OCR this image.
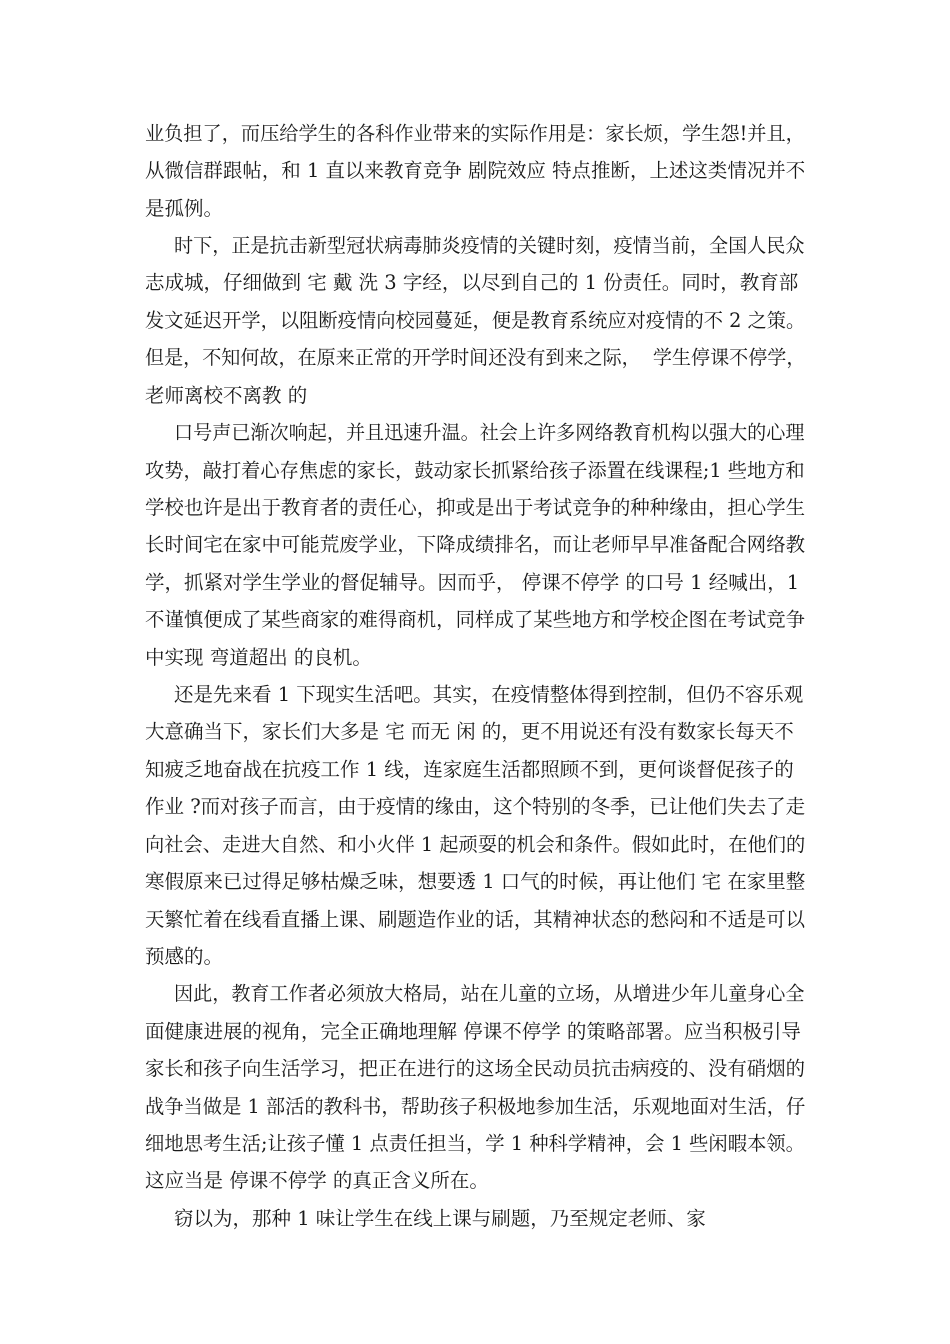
业负担了，而压给学生的各科作业带来的实际作用是：家长烦，学生怨!并且，

从微信群跟帖，和 1 直以来教育竞争 剧院效应 特点推断，上述这类情况并不

是孤例。

时下，正是抗击新型冠状病毒肺炎疫情的关键时刻，疫情当前，全国人民众

志成城，仔细做到 宅 戴 洗 3 字经，以尽到自己的 1 份责任。同时，教育部

发文延迟开学，以阻断疫情向校园蔓延，便是教育系统应对疫情的不 2 之策。

但是，不知何故，在原来正常的开学时间还没有到来之际，  学生停课不停学，

老师离校不离教 的

口号声已渐次响起，并且迅速升温。社会上许多网络教育机构以强大的心理

攻势，敲打着心存焦虑的家长，鼓动家长抓紧给孩子添置在线课程;1 些地方和

学校也许是出于教育者的责任心，抑或是出于考试竞争的种种缘由，担心学生

长时间宅在家中可能荒废学业，下降成绩排名，而让老师早早准备配合网络教

学，抓紧对学生学业的督促辅导。因而乎， 停课不停学 的口号 1 经喊出，1

不谨慎便成了某些商家的难得商机，同样成了某些地方和学校企图在考试竞争

中实现 弯道超出 的良机。

还是先来看 1 下现实生活吧。其实，在疫情整体得到控制，但仍不容乐观

大意确当下，家长们大多是 宅 而无 闲 的，更不用说还有没有数家长每天不

知疲乏地奋战在抗疫工作 1 线，连家庭生活都照顾不到，更何谈督促孩子的

作业 ?而对孩子而言，由于疫情的缘由，这个特别的冬季，已让他们失去了走

向社会、走进大自然、和小火伴 1 起顽耍的机会和条件。假如此时，在他们的

寒假原来已过得足够枯燥乏味，想要透 1 口气的时候，再让他们 宅 在家里整

天繁忙着在线看直播上课、刷题造作业的话，其精神状态的愁闷和不适是可以

预感的。

因此，教育工作者必须放大格局，站在儿童的立场，从增进少年儿童身心全

面健康进展的视角，完全正确地理解 停课不停学 的策略部署。应当积极引导

家长和孩子向生活学习，把正在进行的这场全民动员抗击病疫的、没有硝烟的

战争当做是 1 部活的教科书，帮助孩子积极地参加生活，乐观地面对生活，仔

细地思考生活;让孩子懂 1 点责任担当，学 1 种科学精神，会 1 些闲暇本领。

这应当是 停课不停学 的真正含义所在。

窃以为，那种 1 味让学生在线上课与刷题，乃至规定老师、家
